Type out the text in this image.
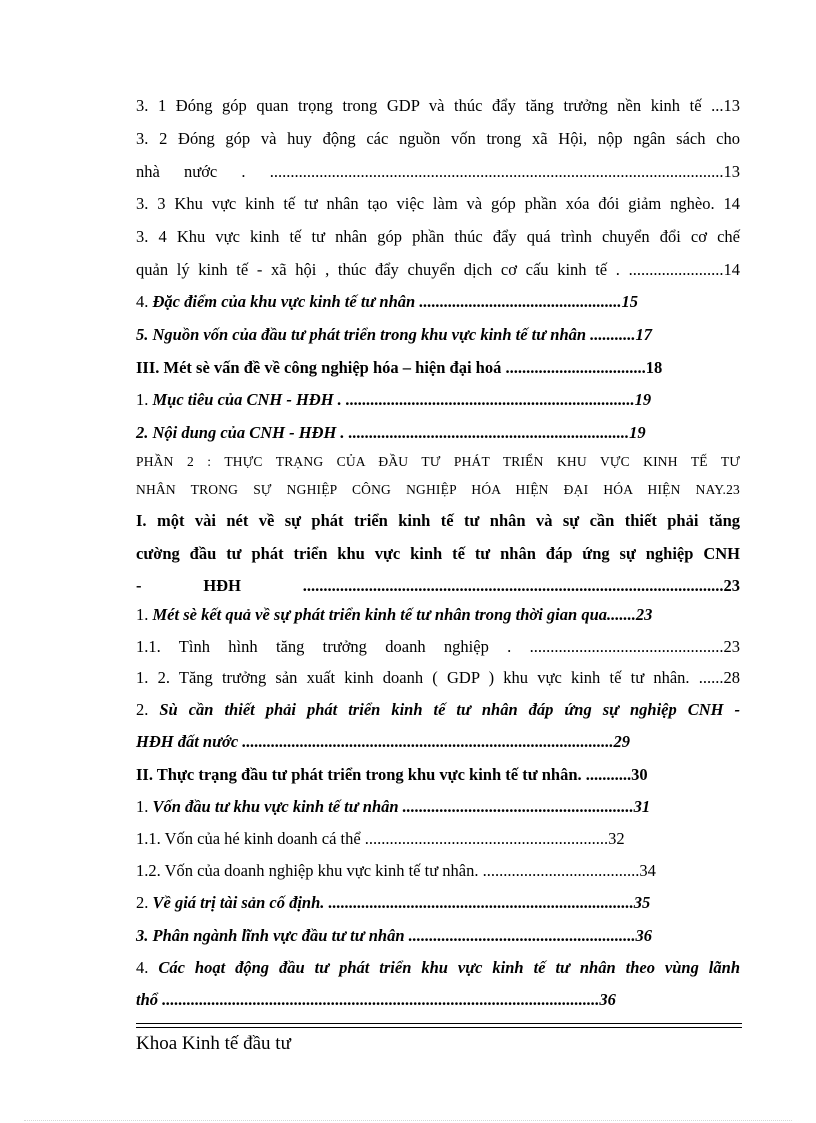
3. 1 Đóng góp quan trọng trong GDP và thúc đẩy tăng trưởng nền kinh tế ...13
3. 2 Đóng góp và huy động các nguồn vốn trong xã Hội, nộp ngân sách cho
nhà nước . ..............................................................................................................13
3. 3 Khu vực kinh tế tư nhân tạo việc làm và góp phần xóa đói giảm nghèo. 14
3. 4 Khu vực kinh tế tư nhân góp phần thúc đẩy quá trình chuyển đổi cơ chế
quản lý kinh tế - xã hội , thúc đẩy chuyển dịch cơ cấu kinh tế . .......................14
4. Đặc điểm của khu vực kinh tế tư nhân .................................................15
5. Nguồn vốn của đầu tư phát triển trong khu vực kinh tế tư nhân ...........17
III. Mét sè vấn đề về công nghiệp hóa – hiện đại hoá ..................................18
1. Mục tiêu của CNH - HĐH . ......................................................................19
2. Nội dung của CNH - HĐH . ....................................................................19
PHẦN 2 : THỰC TRẠNG CỦA ĐẦU TƯ PHÁT TRIỂN KHU VỰC KINH TẾ TƯ
NHÂN TRONG SỰ NGHIỆP CÔNG NGHIỆP HÓA HIỆN ĐẠI HÓA HIỆN NAY.23
I. một vài nét về sự phát triển kinh tế tư nhân và sự cần thiết phải tăng
cường đầu tư phát triển khu vực kinh tế tư nhân đáp ứng sự nghiệp CNH
- HĐH ......................................................................................................23
1. Mét sè kết quả về sự phát triển kinh tế tư nhân trong thời gian qua.......23
1.1. Tình hình tăng trưởng doanh nghiệp . ...............................................23
1. 2. Tăng trưởng sản xuất kinh doanh ( GDP ) khu vực kinh tế tư nhân. ......28
2. Sù cần thiết phải phát triển kinh tế tư nhân đáp ứng sự nghiệp CNH -
HĐH đất nước ..........................................................................................29
II. Thực trạng đầu tư phát triển trong khu vực kinh tế tư nhân. ...........30
1. Vốn đầu tư khu vực kinh tế tư nhân ........................................................31
1.1. Vốn của hé kinh doanh cá thể ...........................................................32
1.2. Vốn của doanh nghiệp khu vực kinh tế tư nhân. ......................................34
2. Về giá trị tài sản cố định. ..........................................................................35
3. Phân ngành lĩnh vực đầu tư tư nhân .......................................................36
4. Các hoạt động đầu tư phát triển khu vực kinh tế tư nhân theo vùng lãnh
thổ ..........................................................................................................36
Khoa Kinh tế đầu tư
